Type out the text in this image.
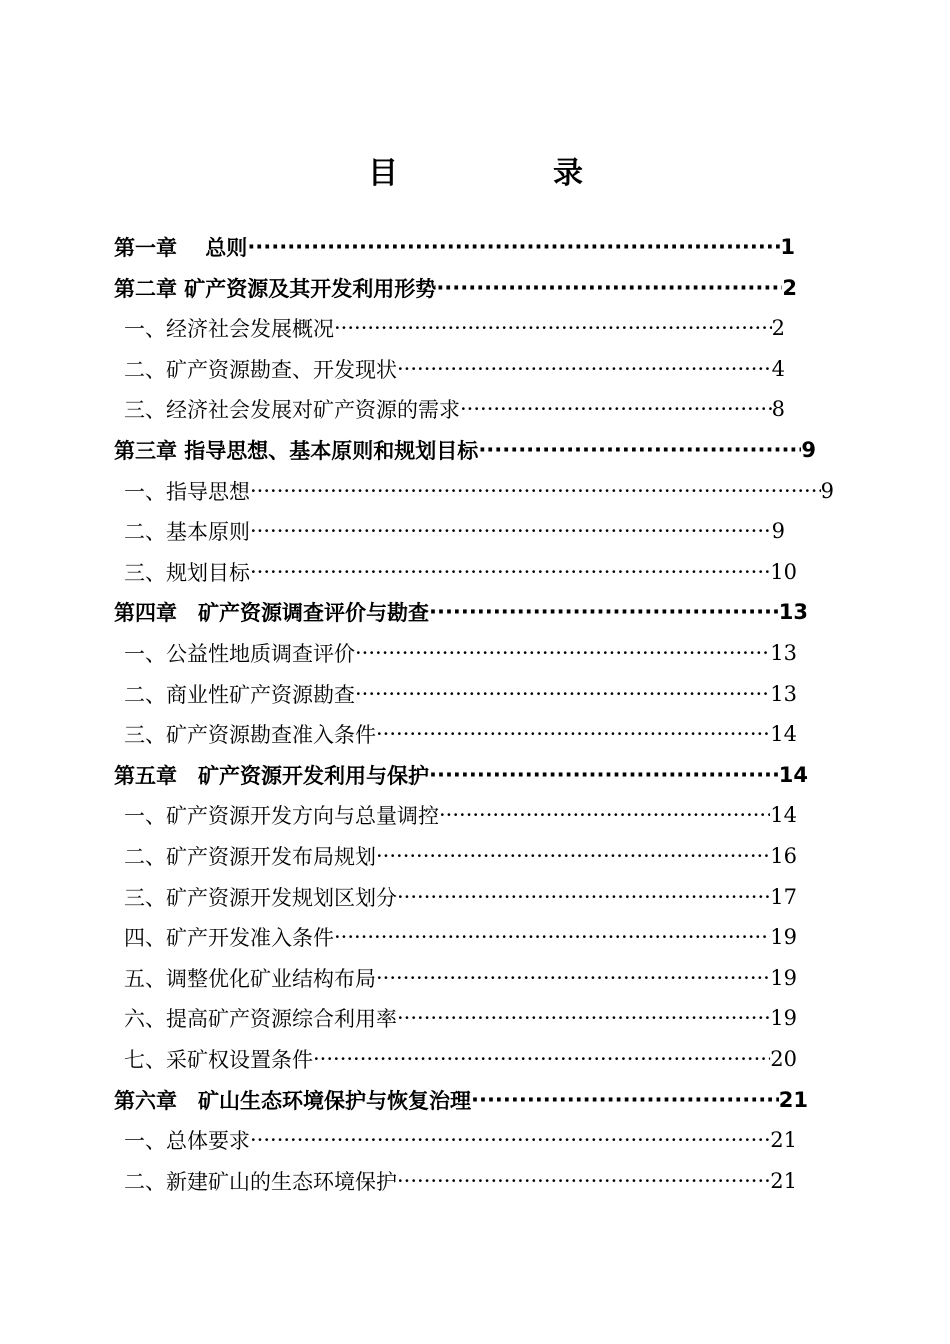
目	录
第一章　 总则 ·····	1
第二章 矿产资源及其开发利用形势 ·····	2
一、经济社会发展概况 ·····	2
二、矿产资源勘查、开发现状 ·····	4
三、经济社会发展对矿产资源的需求 ·····	8
第三章 指导思想、基本原则和规划目标 ·····	9
一、指导思想 ·····	9
二、基本原则 ·····	9
三、规划目标 ·····	10
第四章　矿产资源调查评价与勘查 ·····	13
一、公益性地质调查评价 ·····	13
二、商业性矿产资源勘查 ·····	13
三、矿产资源勘查准入条件 ·····	14
第五章　矿产资源开发利用与保护 ·····	14
一、矿产资源开发方向与总量调控 ·····	14
二、矿产资源开发布局规划 ·····	16
三、矿产资源开发规划区划分 ·····	17
四、矿产开发准入条件 ·····	19
五、调整优化矿业结构布局 ·····	19
六、提高矿产资源综合利用率 ·····	19
七、采矿权设置条件 ·····	20
第六章　矿山生态环境保护与恢复治理 ·····	21
一、总体要求 ·····	21
二、新建矿山的生态环境保护 ·····	21
